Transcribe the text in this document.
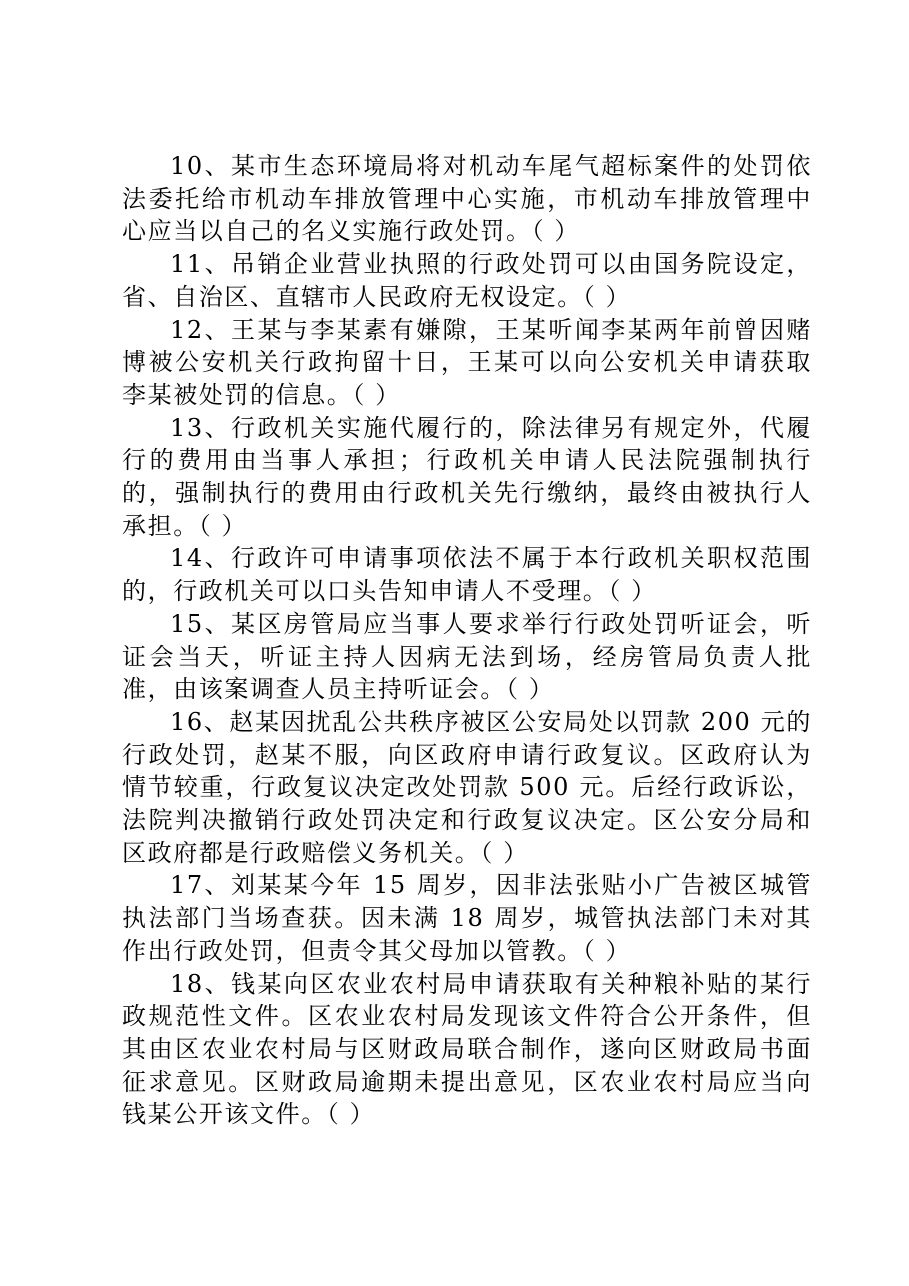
10、某市生态环境局将对机动车尾气超标案件的处罚依法委托给市机动车排放管理中心实施，市机动车排放管理中心应当以自己的名义实施行政处罚。（ ）

11、吊销企业营业执照的行政处罚可以由国务院设定，省、自治区、直辖市人民政府无权设定。（ ）

12、王某与李某素有嫌隙，王某听闻李某两年前曾因赌博被公安机关行政拘留十日，王某可以向公安机关申请获取李某被处罚的信息。（ ）

13、行政机关实施代履行的，除法律另有规定外，代履行的费用由当事人承担；行政机关申请人民法院强制执行的，强制执行的费用由行政机关先行缴纳，最终由被执行人承担。（ ）

14、行政许可申请事项依法不属于本行政机关职权范围的，行政机关可以口头告知申请人不受理。（ ）

15、某区房管局应当事人要求举行行政处罚听证会，听证会当天，听证主持人因病无法到场，经房管局负责人批准，由该案调查人员主持听证会。（ ）

16、赵某因扰乱公共秩序被区公安局处以罚款 200 元的行政处罚，赵某不服，向区政府申请行政复议。区政府认为情节较重，行政复议决定改处罚款 500 元。后经行政诉讼，法院判决撤销行政处罚决定和行政复议决定。区公安分局和区政府都是行政赔偿义务机关。（ ）

17、刘某某今年 15 周岁，因非法张贴小广告被区城管执法部门当场查获。因未满 18 周岁，城管执法部门未对其作出行政处罚，但责令其父母加以管教。（ ）

18、钱某向区农业农村局申请获取有关种粮补贴的某行政规范性文件。区农业农村局发现该文件符合公开条件，但其由区农业农村局与区财政局联合制作，遂向区财政局书面征求意见。区财政局逾期未提出意见，区农业农村局应当向钱某公开该文件。（ ）
